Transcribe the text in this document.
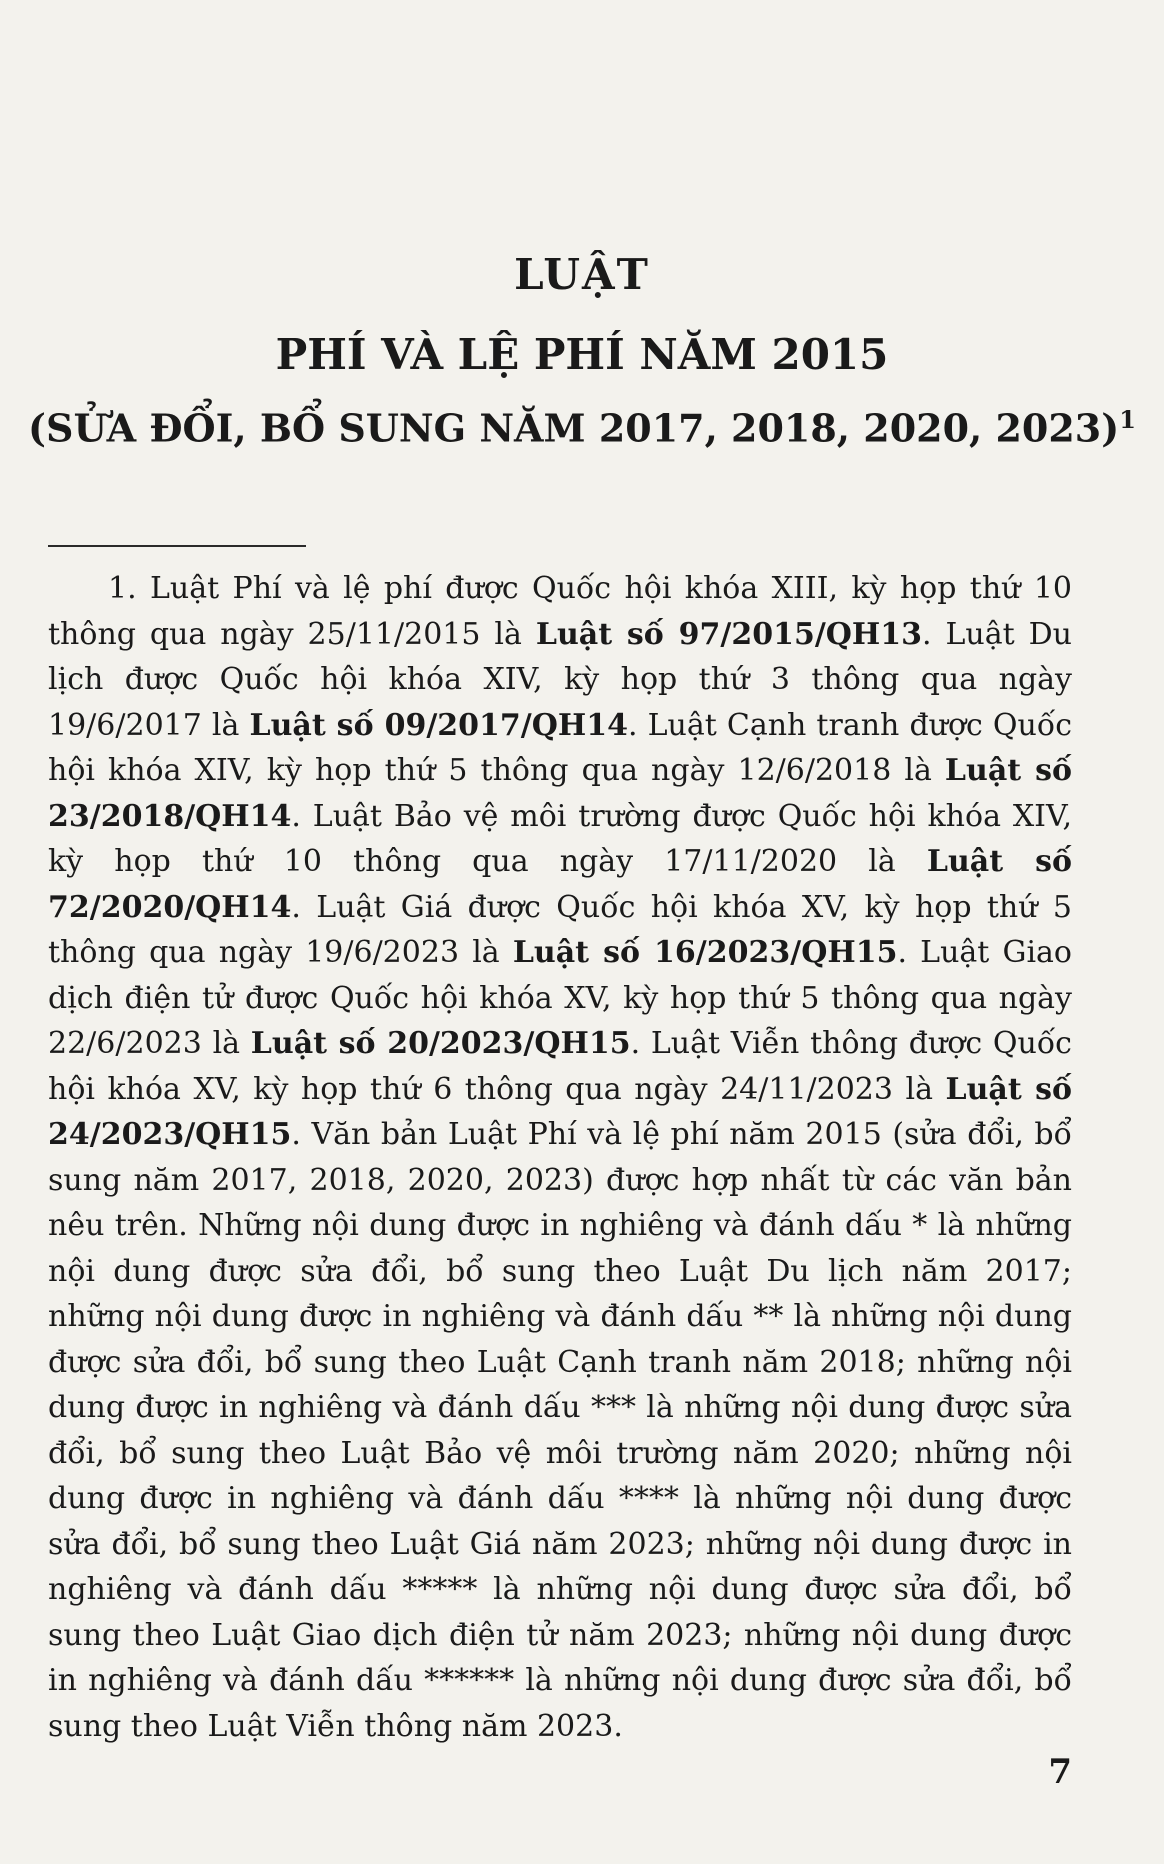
LUẬT
PHÍ VÀ LỆ PHÍ NĂM 2015
(SỬA ĐỔI, BỔ SUNG NĂM 2017, 2018, 2020, 2023)$^1$

1. Luật Phí và lệ phí được Quốc hội khóa XIII, kỳ họp thứ 10 thông qua ngày 25/11/2015 là Luật số 97/2015/QH13. Luật Du lịch được Quốc hội khóa XIV, kỳ họp thứ 3 thông qua ngày 19/6/2017 là Luật số 09/2017/QH14. Luật Cạnh tranh được Quốc hội khóa XIV, kỳ họp thứ 5 thông qua ngày 12/6/2018 là Luật số 23/2018/QH14. Luật Bảo vệ môi trường được Quốc hội khóa XIV, kỳ họp thứ 10 thông qua ngày 17/11/2020 là Luật số 72/2020/QH14. Luật Giá được Quốc hội khóa XV, kỳ họp thứ 5 thông qua ngày 19/6/2023 là Luật số 16/2023/QH15. Luật Giao dịch điện tử được Quốc hội khóa XV, kỳ họp thứ 5 thông qua ngày 22/6/2023 là Luật số 20/2023/QH15. Luật Viễn thông được Quốc hội khóa XV, kỳ họp thứ 6 thông qua ngày 24/11/2023 là Luật số 24/2023/QH15. Văn bản Luật Phí và lệ phí năm 2015 (sửa đổi, bổ sung năm 2017, 2018, 2020, 2023) được hợp nhất từ các văn bản nêu trên. Những nội dung được in nghiêng và đánh dấu * là những nội dung được sửa đổi, bổ sung theo Luật Du lịch năm 2017; những nội dung được in nghiêng và đánh dấu ** là những nội dung được sửa đổi, bổ sung theo Luật Cạnh tranh năm 2018; những nội dung được in nghiêng và đánh dấu *** là những nội dung được sửa đổi, bổ sung theo Luật Bảo vệ môi trường năm 2020; những nội dung được in nghiêng và đánh dấu **** là những nội dung được sửa đổi, bổ sung theo Luật Giá năm 2023; những nội dung được in nghiêng và đánh dấu ***** là những nội dung được sửa đổi, bổ sung theo Luật Giao dịch điện tử năm 2023; những nội dung được in nghiêng và đánh dấu ****** là những nội dung được sửa đổi, bổ sung theo Luật Viễn thông năm 2023.

7
